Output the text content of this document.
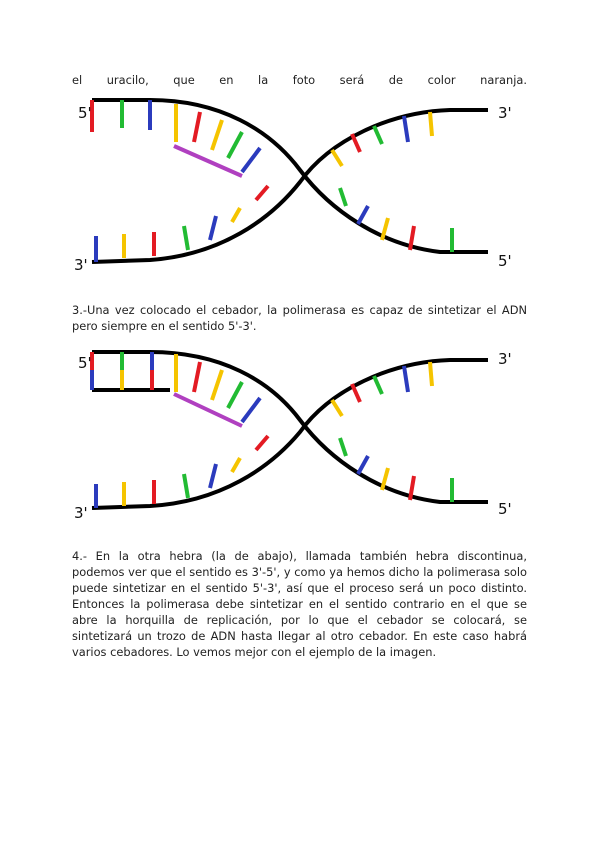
el uracilo, que en la foto será de color naranja.

5'	3'
3'	5'

3.-Una vez colocado el cebador, la polimerasa es capaz de sintetizar el ADN pero siempre en el sentido 5'-3'.

5'	3'
3'	5'

4.- En la otra hebra (la de abajo), llamada también hebra discontinua, podemos ver que el sentido es 3'-5', y como ya hemos dicho la polimerasa solo puede sintetizar en el sentido 5'-3', así que el proceso será un poco distinto. Entonces la polimerasa debe sintetizar en el sentido contrario en el que se abre la horquilla de replicación, por lo que el cebador se colocará, se sintetizará un trozo de ADN hasta llegar al otro cebador. En este caso habrá varios cebadores. Lo vemos mejor con el ejemplo de la imagen.
